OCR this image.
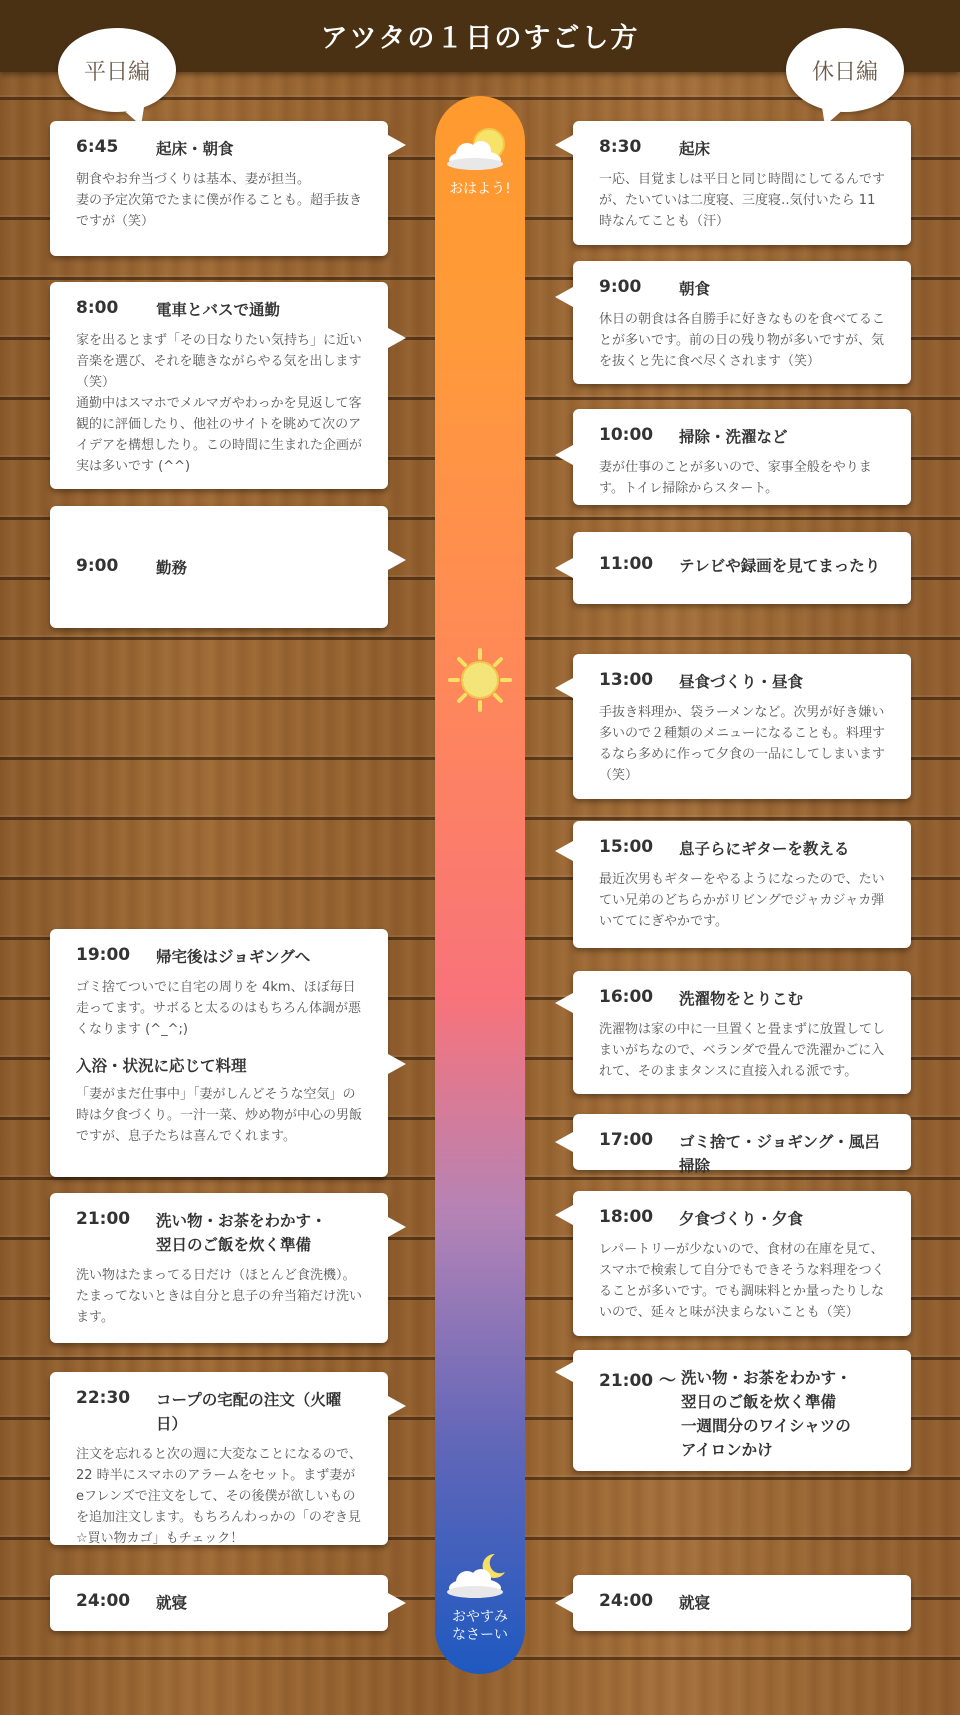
アツタの１日のすごし方
平日編	休日編
おはよう!
おやすみ
なさーい
6:45	起床・朝食
朝食やお弁当づくりは基本、妻が担当。
妻の予定次第でたまに僕が作ることも。超手抜きですが（笑）
8:00	電車とバスで通勤
家を出るとまず「その日なりたい気持ち」に近い音楽を選び、それを聴きながらやる気を出します（笑）
通勤中はスマホでメルマガやわっかを見返して客観的に評価したり、他社のサイトを眺めて次のアイデアを構想したり。この時間に生まれた企画が実は多いです (^^)
9:00	勤務
19:00	帰宅後はジョギングへ
ゴミ捨てついでに自宅の周りを 4km、ほぼ毎日走ってます。サボると太るのはもちろん体調が悪くなります (^_^;)
入浴・状況に応じて料理
「妻がまだ仕事中」「妻がしんどそうな空気」の時は夕食づくり。一汁一菜、炒め物が中心の男飯ですが、息子たちは喜んでくれます。
21:00	洗い物・お茶をわかす・
翌日のご飯を炊く準備
洗い物はたまってる日だけ（ほとんど食洗機）。たまってないときは自分と息子の弁当箱だけ洗います。
22:30	コープの宅配の注文（火曜日）
注文を忘れると次の週に大変なことになるので、22 時半にスマホのアラームをセット。まず妻がeフレンズで注文をして、その後僕が欲しいものを追加注文します。もちろんわっかの「のぞき見☆買い物カゴ」もチェック！
24:00	就寝
8:30	起床
一応、目覚ましは平日と同じ時間にしてるんですが、たいていは二度寝、三度寝‥気付いたら 11 時なんてことも（汗）
9:00	朝食
休日の朝食は各自勝手に好きなものを食べてることが多いです。前の日の残り物が多いですが、気を抜くと先に食べ尽くされます（笑）
10:00	掃除・洗濯など
妻が仕事のことが多いので、家事全般をやります。トイレ掃除からスタート。
11:00	テレビや録画を見てまったり
13:00	昼食づくり・昼食
手抜き料理か、袋ラーメンなど。次男が好き嫌い多いので２種類のメニューになることも。料理するなら多めに作って夕食の一品にしてしまいます（笑）
15:00	息子らにギターを教える
最近次男もギターをやるようになったので、たいてい兄弟のどちらかがリビングでジャカジャカ弾いててにぎやかです。
16:00	洗濯物をとりこむ
洗濯物は家の中に一旦置くと畳まずに放置してしまいがちなので、ベランダで畳んで洗濯かごに入れて、そのままタンスに直接入れる派です。
17:00	ゴミ捨て・ジョギング・風呂掃除
18:00	夕食づくり・夕食
レパートリーが少ないので、食材の在庫を見て、スマホで検索して自分でもできそうな料理をつくることが多いです。でも調味料とか量ったりしないので、延々と味が決まらないことも（笑）
21:00 ～ 洗い物・お茶をわかす・
翌日のご飯を炊く準備
一週間分のワイシャツの
アイロンかけ
24:00	就寝
